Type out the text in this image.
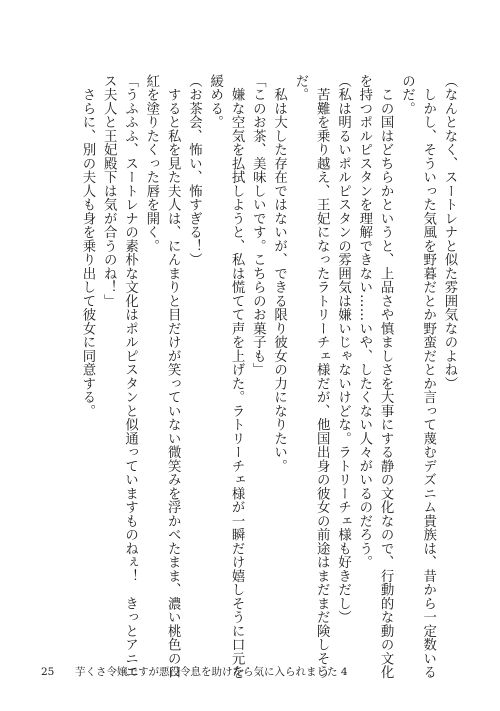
（なんとなく、スートレナと似た雰囲気なのよね）
　しかし、そういった気風を野暮だとか野蛮だとか言って蔑むデズニム貴族は、昔から一定数いる
のだ。
　この国はどちらかというと、上品さや慎ましさを大事にする静の文化なので、行動的な動の文化
を持つポルピスタンを理解できない……いや、したくない人々がいるのだろう。
（私は明るいポルピスタンの雰囲気は嫌いじゃないけどな。ラトリーチェ様も好きだし）
　苦難を乗り越え、王妃になったラトリーチェ様だが、他国出身の彼女の前途はまだまだ険しそう
だ。
　私は大した存在ではないが、できる限り彼女の力になりたい。
「このお茶、美味しいです。こちらのお菓子も」
　嫌な空気を払拭しようと、私は慌てて声を上げた。ラトリーチェ様が一瞬だけ嬉しそうに口元を
緩める。
（お茶会、怖い、怖すぎる！）
　すると私を見た夫人は、にんまりと目だけが笑っていない微笑みを浮かべたまま、濃い桃色の口
紅を塗りたくった唇を開く。
「うふふふ、スートレナの素朴な文化はポルピスタンと似通っていますものねぇ！　きっとアニエ
ス夫人と王妃殿下は気が合うのね！」
　さらに、別の夫人も身を乗り出して彼女に同意する。
25 芋くさ令嬢ですが悪役令息を助けたら気に入られました 4
